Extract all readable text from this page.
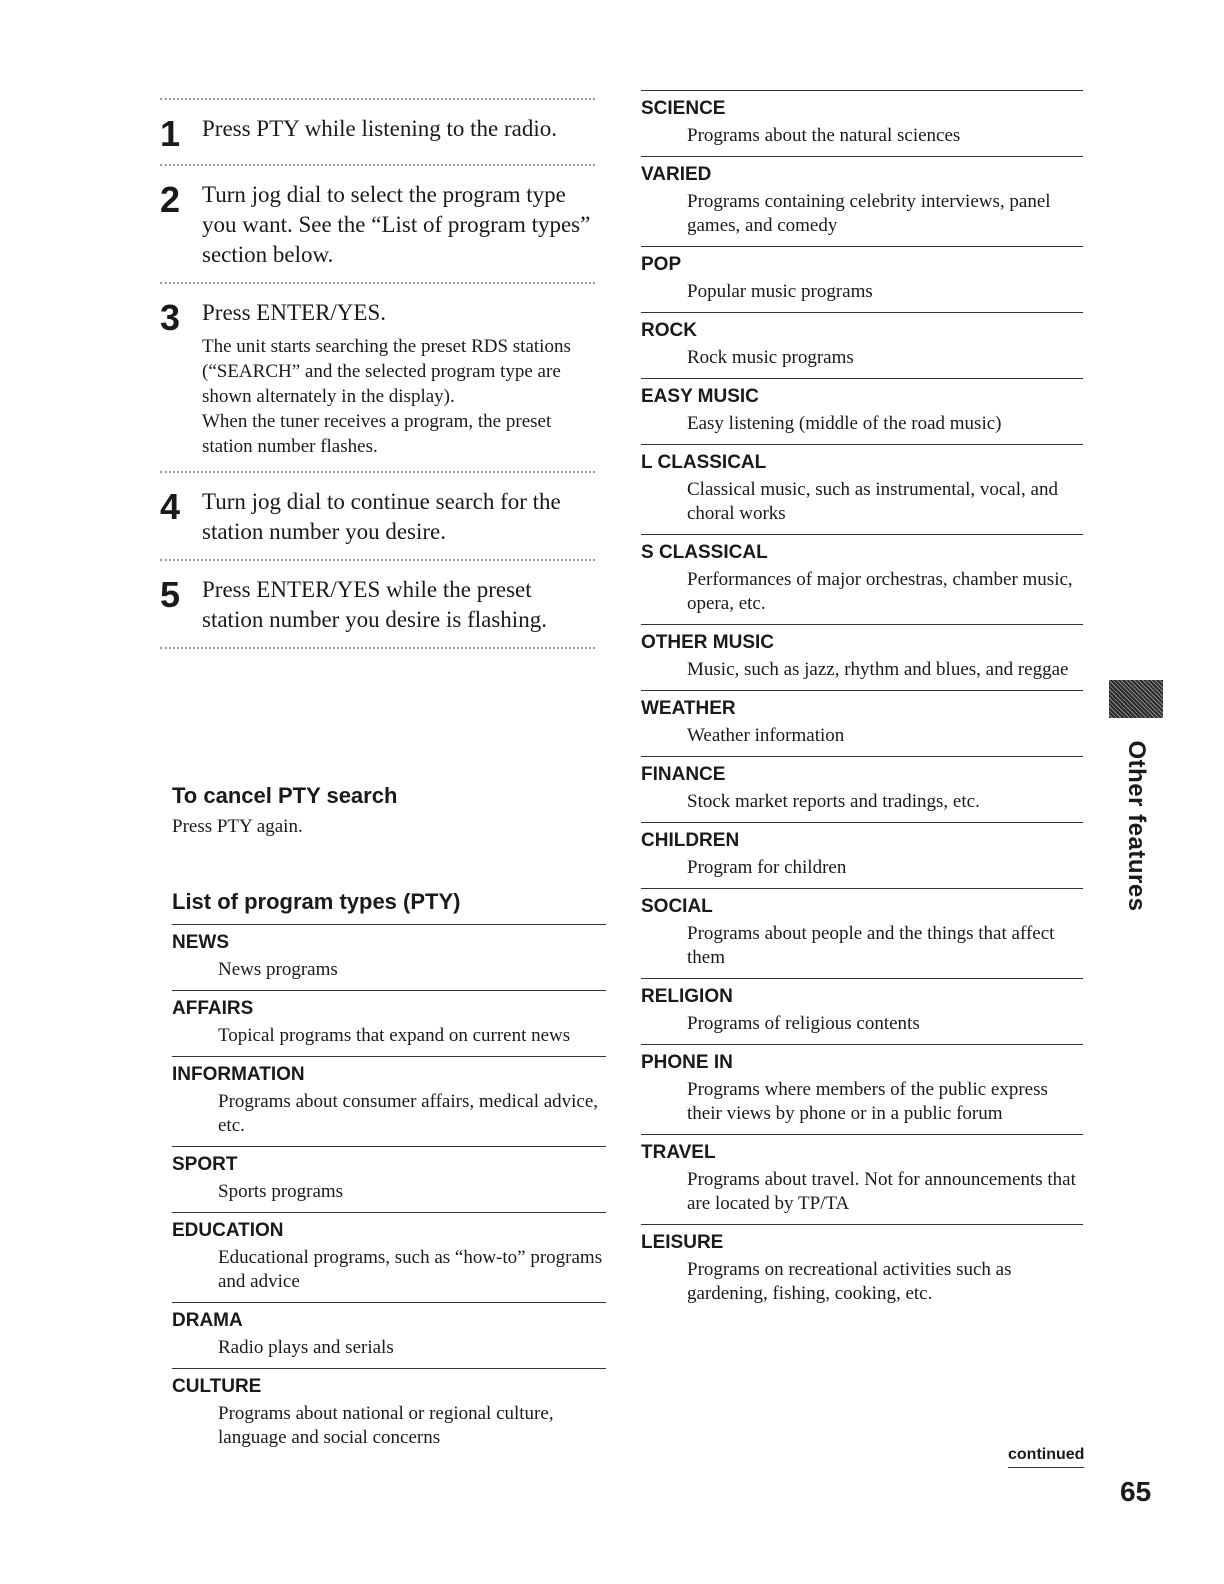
1 Press PTY while listening to the radio.
2 Turn jog dial to select the program type you want. See the “List of program types” section below.
3 Press ENTER/YES.

The unit starts searching the preset RDS stations (“SEARCH” and the selected program type are shown alternately in the display).

When the tuner receives a program, the preset station number flashes.

4 Turn jog dial to continue search for the station number you desire.
5 Press ENTER/YES while the preset station number you desire is flashing.
To cancel PTY search
Press PTY again.
List of program types (PTY)
NEWS
News programs
AFFAIRS
Topical programs that expand on current news
INFORMATION
Programs about consumer affairs, medical advice, etc.
SPORT
Sports programs
EDUCATION
Educational programs, such as “how-to” programs and advice
DRAMA
Radio plays and serials
CULTURE
Programs about national or regional culture, language and social concerns
SCIENCE
Programs about the natural sciences
VARIED
Programs containing celebrity interviews, panel games, and comedy
POP
Popular music programs
ROCK
Rock music programs
EASY MUSIC
Easy listening (middle of the road music)
L CLASSICAL
Classical music, such as instrumental, vocal, and choral works
S CLASSICAL
Performances of major orchestras, chamber music, opera, etc.
OTHER MUSIC
Music, such as jazz, rhythm and blues, and reggae
WEATHER
Weather information
FINANCE
Stock market reports and tradings, etc.
CHILDREN
Program for children
SOCIAL
Programs about people and the things that affect them
RELIGION
Programs of religious contents
PHONE IN
Programs where members of the public express their views by phone or in a public forum
TRAVEL
Programs about travel. Not for announcements that are located by TP/TA
LEISURE
Programs on recreational activities such as gardening, fishing, cooking, etc.
Other features
continued
65
